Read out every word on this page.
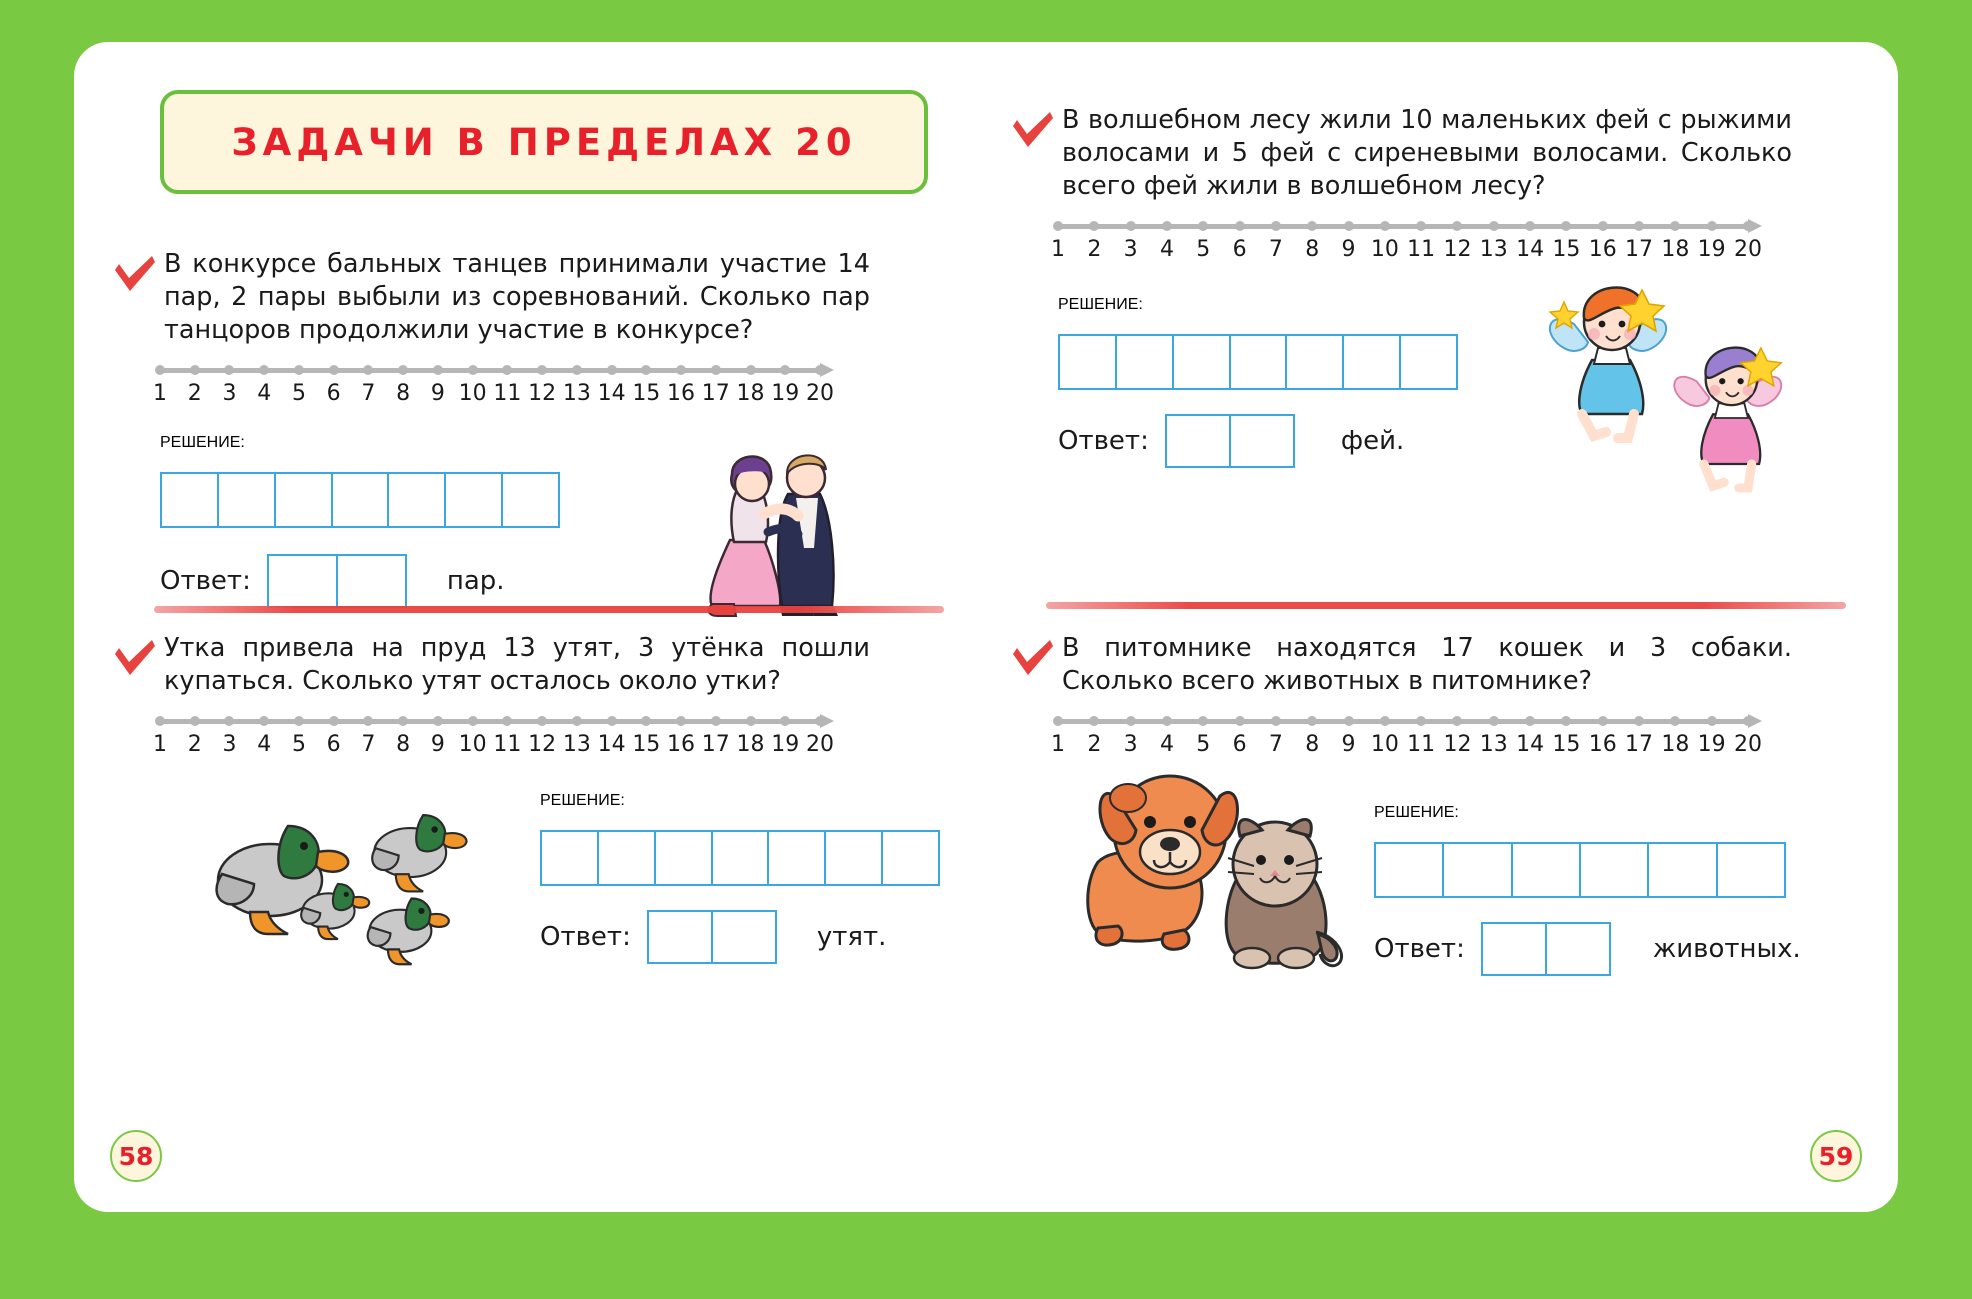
ЗАДАЧИ В ПРЕДЕЛАХ 20
В конкурсе бальных танцев принимали участие 14 пар, 2 пары выбыли из соревнований. Сколько пар танцоров продолжили участие в конкурсе?
1 2 3 4 5 6 7 8 9 10 11 12 13 14 15 16 17 18 19 20
РЕШЕНИЕ:
Ответ:	пар.
Утка привела на пруд 13 утят, 3 утёнка пошли купаться. Сколько утят осталось около утки?
1 2 3 4 5 6 7 8 9 10 11 12 13 14 15 16 17 18 19 20
РЕШЕНИЕ:
Ответ:	утят.
58
В волшебном лесу жили 10 маленьких фей с рыжими волосами и 5 фей с сиреневыми волосами. Сколько всего фей жили в волшебном лесу?
1 2 3 4 5 6 7 8 9 10 11 12 13 14 15 16 17 18 19 20
РЕШЕНИЕ:
Ответ:	фей.
В питомнике находятся 17 кошек и 3 собаки. Сколько всего животных в питомнике?
1 2 3 4 5 6 7 8 9 10 11 12 13 14 15 16 17 18 19 20
РЕШЕНИЕ:
Ответ:	животных.
59
